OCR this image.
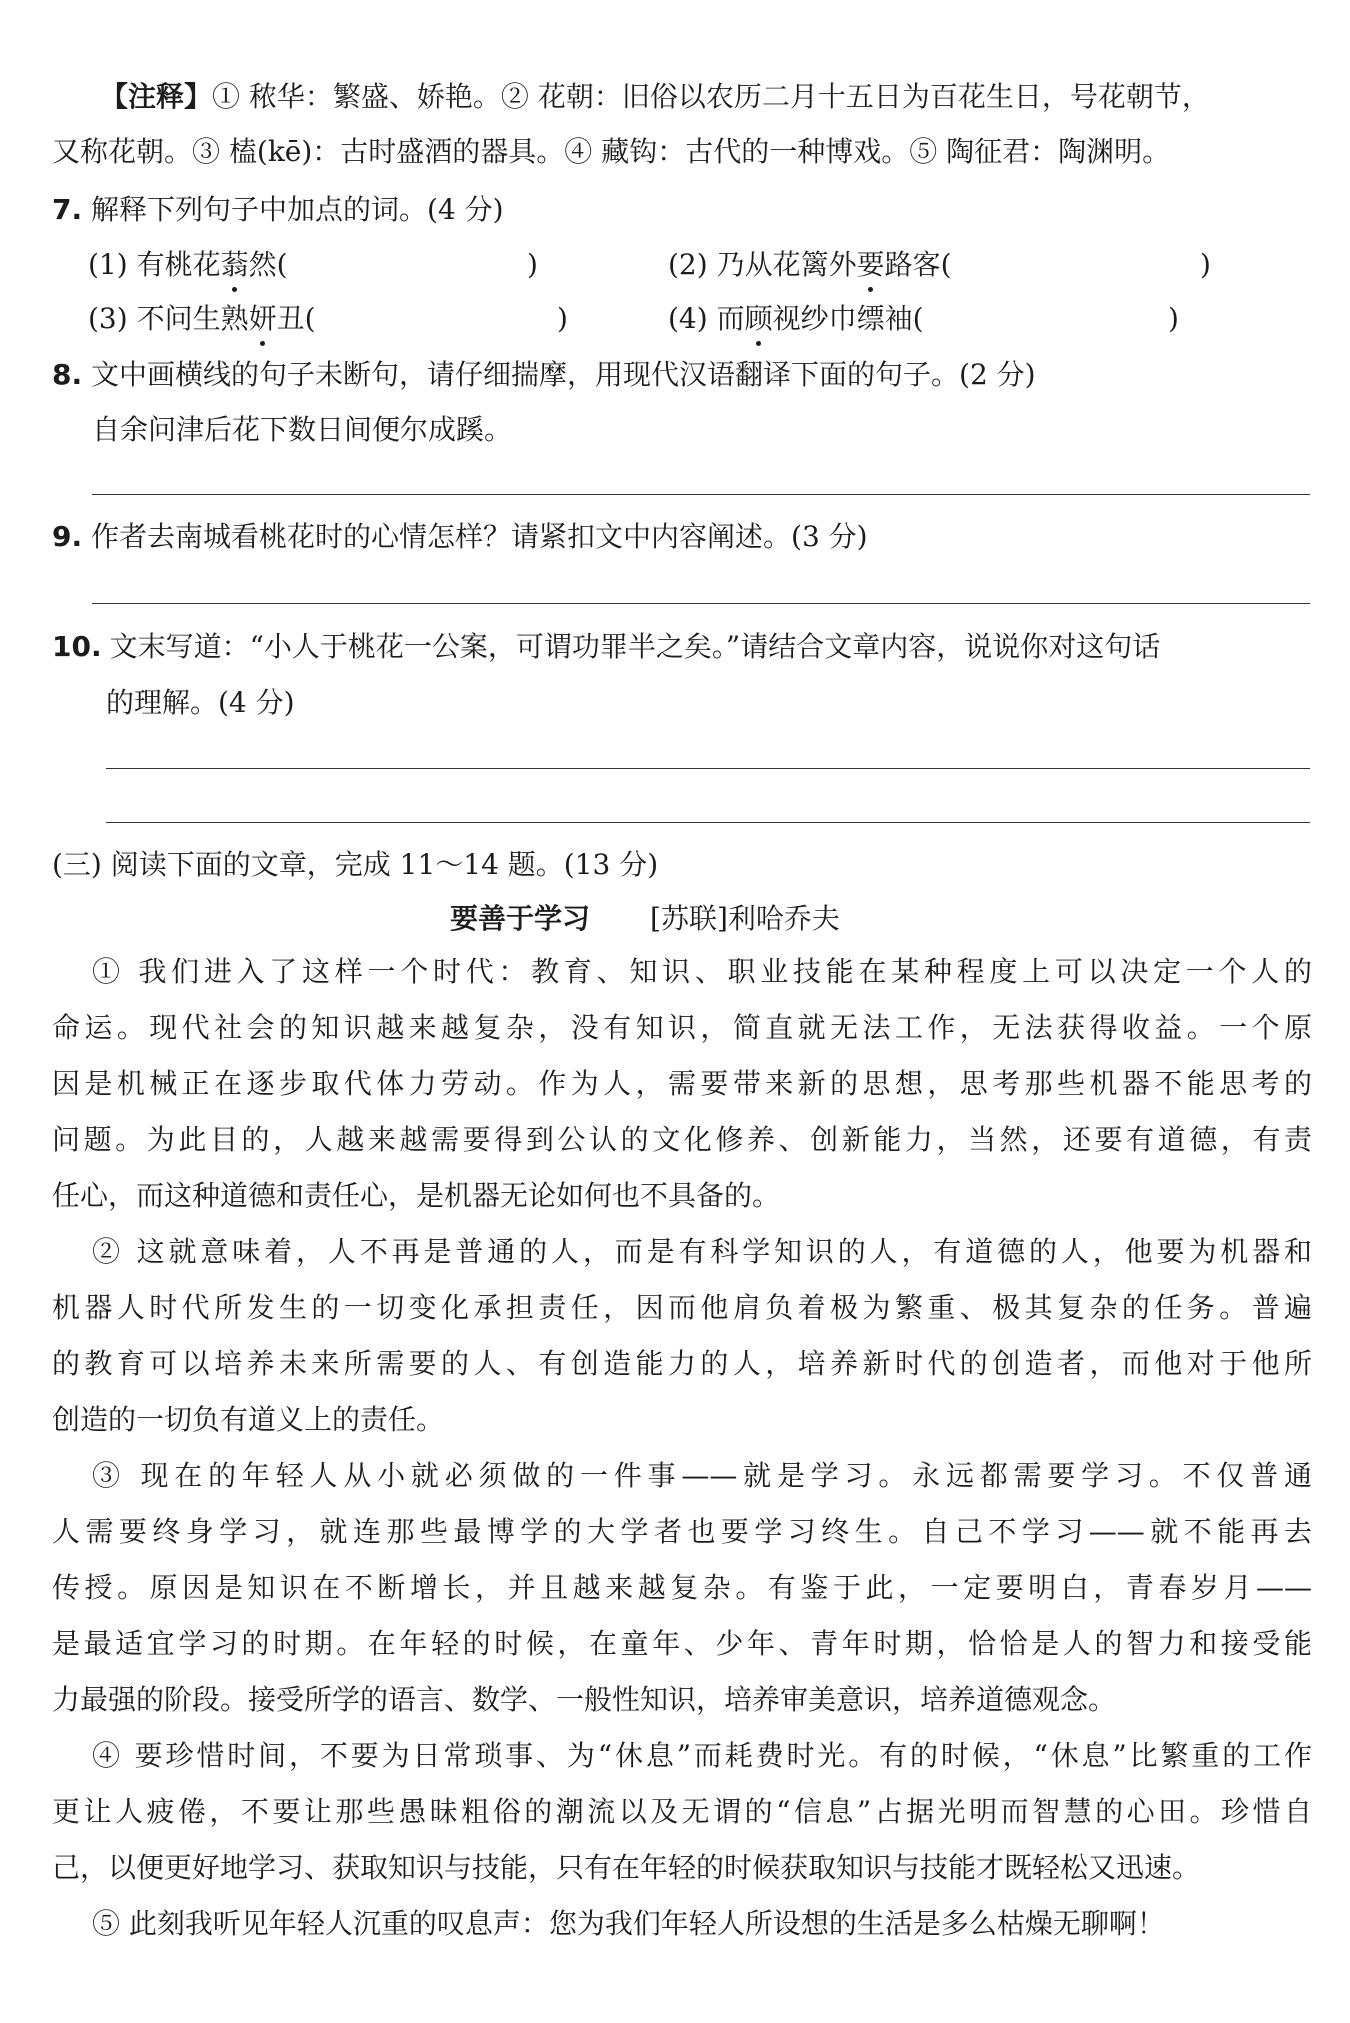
【注释】① 秾华：繁盛、娇艳。② 花朝：旧俗以农历二月十五日为百花生日，号花朝节，
又称花朝。③ 榼(kē)：古时盛酒的器具。④ 藏钩：古代的一种博戏。⑤ 陶征君：陶渊明。
7. 解释下列句子中加点的词。(4 分)
(1) 有桃花蓊然(	)	(2) 乃从花篱外要路客(	)
(3) 不问生熟妍丑(	)	(4) 而顾视纱巾缥袖(	)
8. 文中画横线的句子未断句，请仔细揣摩，用现代汉语翻译下面的句子。(2 分)
自余问津后花下数日间便尔成蹊。
9. 作者去南城看桃花时的心情怎样？请紧扣文中内容阐述。(3 分)
10. 文末写道：“小人于桃花一公案，可谓功罪半之矣。”请结合文章内容，说说你对这句话
的理解。(4 分)
(三) 阅读下面的文章，完成 11～14 题。(13 分)
要善于学习 [苏联]利哈乔夫
① 我们进入了这样一个时代：教育、知识、职业技能在某种程度上可以决定一个人的
命运。现代社会的知识越来越复杂，没有知识，简直就无法工作，无法获得收益。一个原
因是机械正在逐步取代体力劳动。作为人，需要带来新的思想，思考那些机器不能思考的
问题。为此目的，人越来越需要得到公认的文化修养、创新能力，当然，还要有道德，有责
任心，而这种道德和责任心，是机器无论如何也不具备的。
② 这就意味着，人不再是普通的人，而是有科学知识的人，有道德的人，他要为机器和
机器人时代所发生的一切变化承担责任，因而他肩负着极为繁重、极其复杂的任务。普遍
的教育可以培养未来所需要的人、有创造能力的人，培养新时代的创造者，而他对于他所
创造的一切负有道义上的责任。
③ 现在的年轻人从小就必须做的一件事——就是学习。永远都需要学习。不仅普通
人需要终身学习，就连那些最博学的大学者也要学习终生。自己不学习——就不能再去
传授。原因是知识在不断增长，并且越来越复杂。有鉴于此，一定要明白，青春岁月——
是最适宜学习的时期。在年轻的时候，在童年、少年、青年时期，恰恰是人的智力和接受能
力最强的阶段。接受所学的语言、数学、一般性知识，培养审美意识，培养道德观念。
④ 要珍惜时间，不要为日常琐事、为“休息”而耗费时光。有的时候，“休息”比繁重的工作
更让人疲倦，不要让那些愚昧粗俗的潮流以及无谓的“信息”占据光明而智慧的心田。珍惜自
己，以便更好地学习、获取知识与技能，只有在年轻的时候获取知识与技能才既轻松又迅速。
⑤ 此刻我听见年轻人沉重的叹息声：您为我们年轻人所设想的生活是多么枯燥无聊啊！
